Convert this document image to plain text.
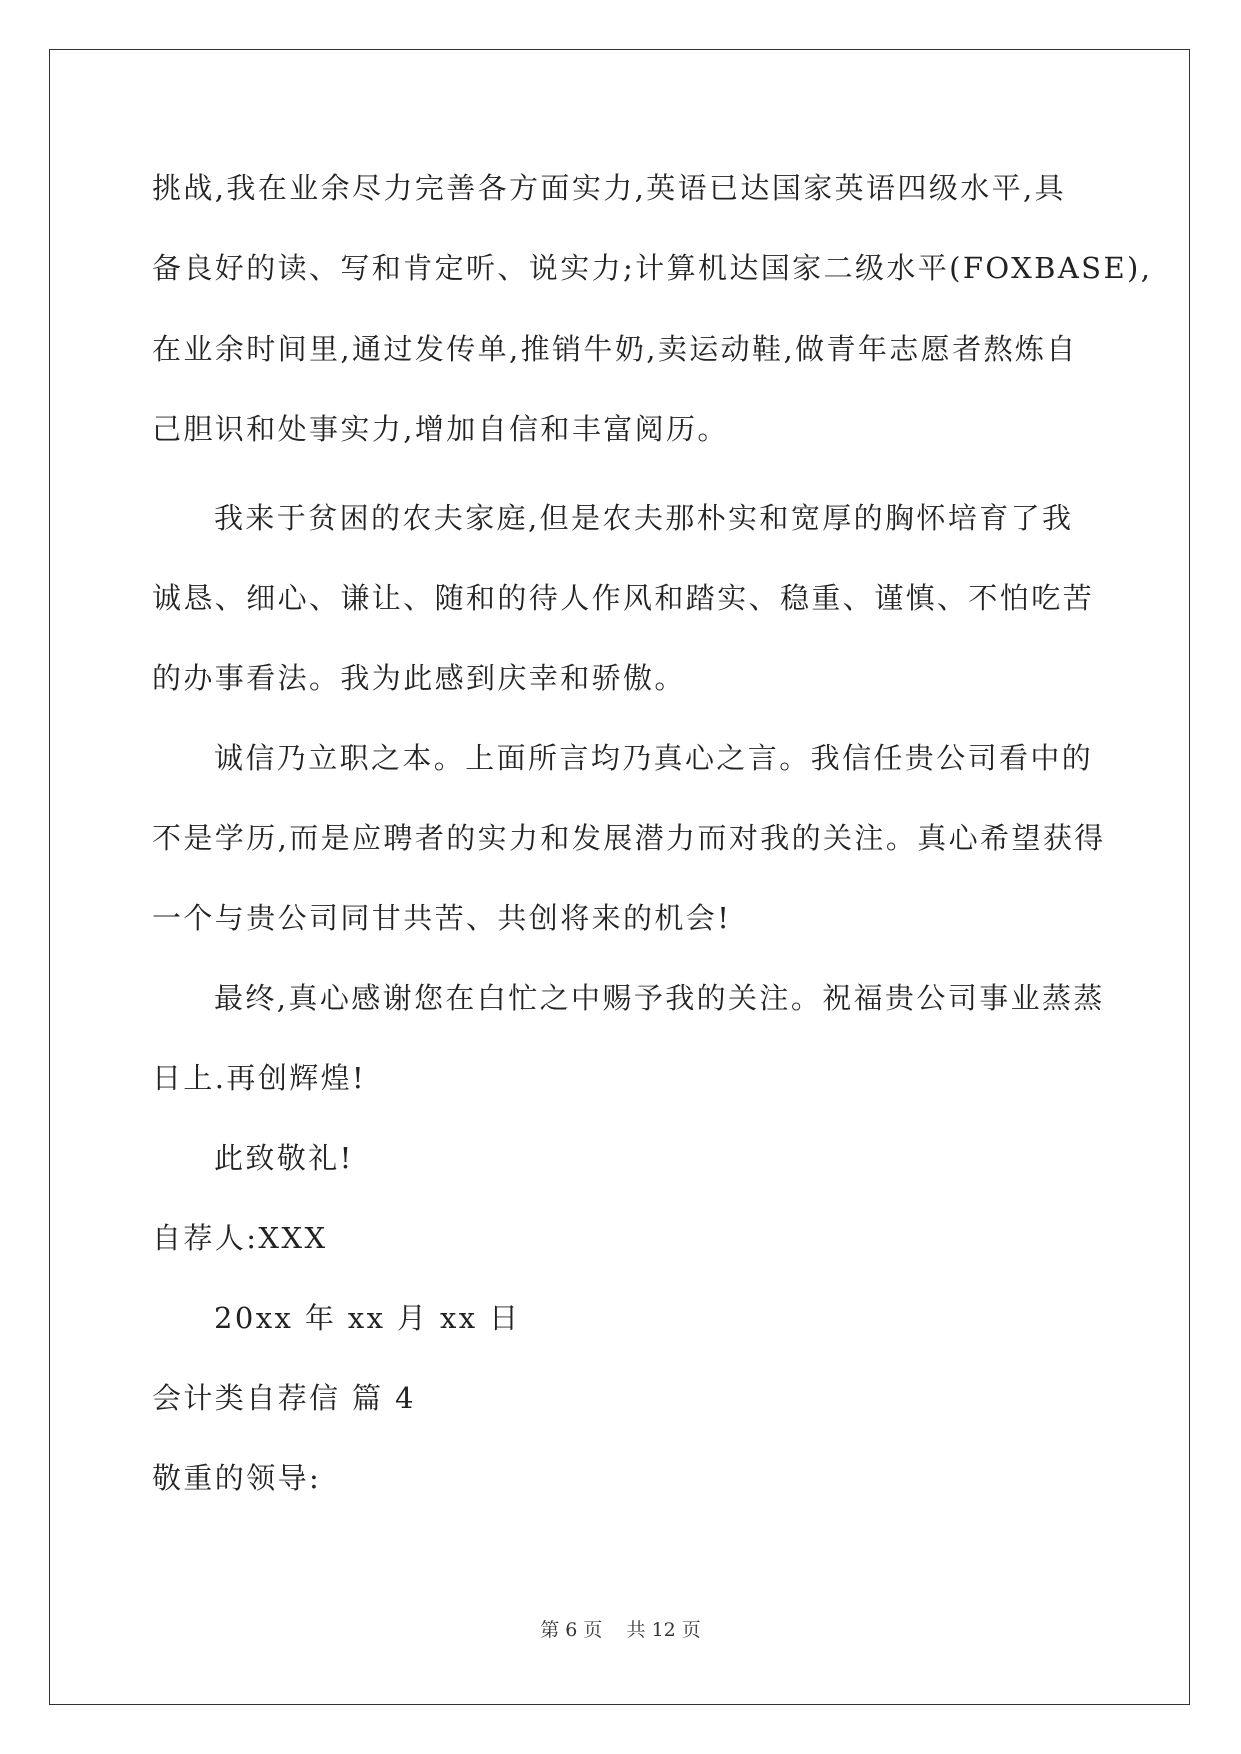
挑战,我在业余尽力完善各方面实力,英语已达国家英语四级水平,具
备良好的读、写和肯定听、说实力;计算机达国家二级水平(FOXBASE),
在业余时间里,通过发传单,推销牛奶,卖运动鞋,做青年志愿者熬炼自
己胆识和处事实力,增加自信和丰富阅历。
我来于贫困的农夫家庭,但是农夫那朴实和宽厚的胸怀培育了我
诚恳、细心、谦让、随和的待人作风和踏实、稳重、谨慎、不怕吃苦
的办事看法。我为此感到庆幸和骄傲。
诚信乃立职之本。上面所言均乃真心之言。我信任贵公司看中的
不是学历,而是应聘者的实力和发展潜力而对我的关注。真心希望获得
一个与贵公司同甘共苦、共创将来的机会!
最终,真心感谢您在白忙之中赐予我的关注。祝福贵公司事业蒸蒸
日上.再创辉煌!
此致敬礼!
自荐人:XXX
20xx 年 xx 月 xx 日
会计类自荐信 篇 4
敬重的领导:
第 6 页 共 12 页
